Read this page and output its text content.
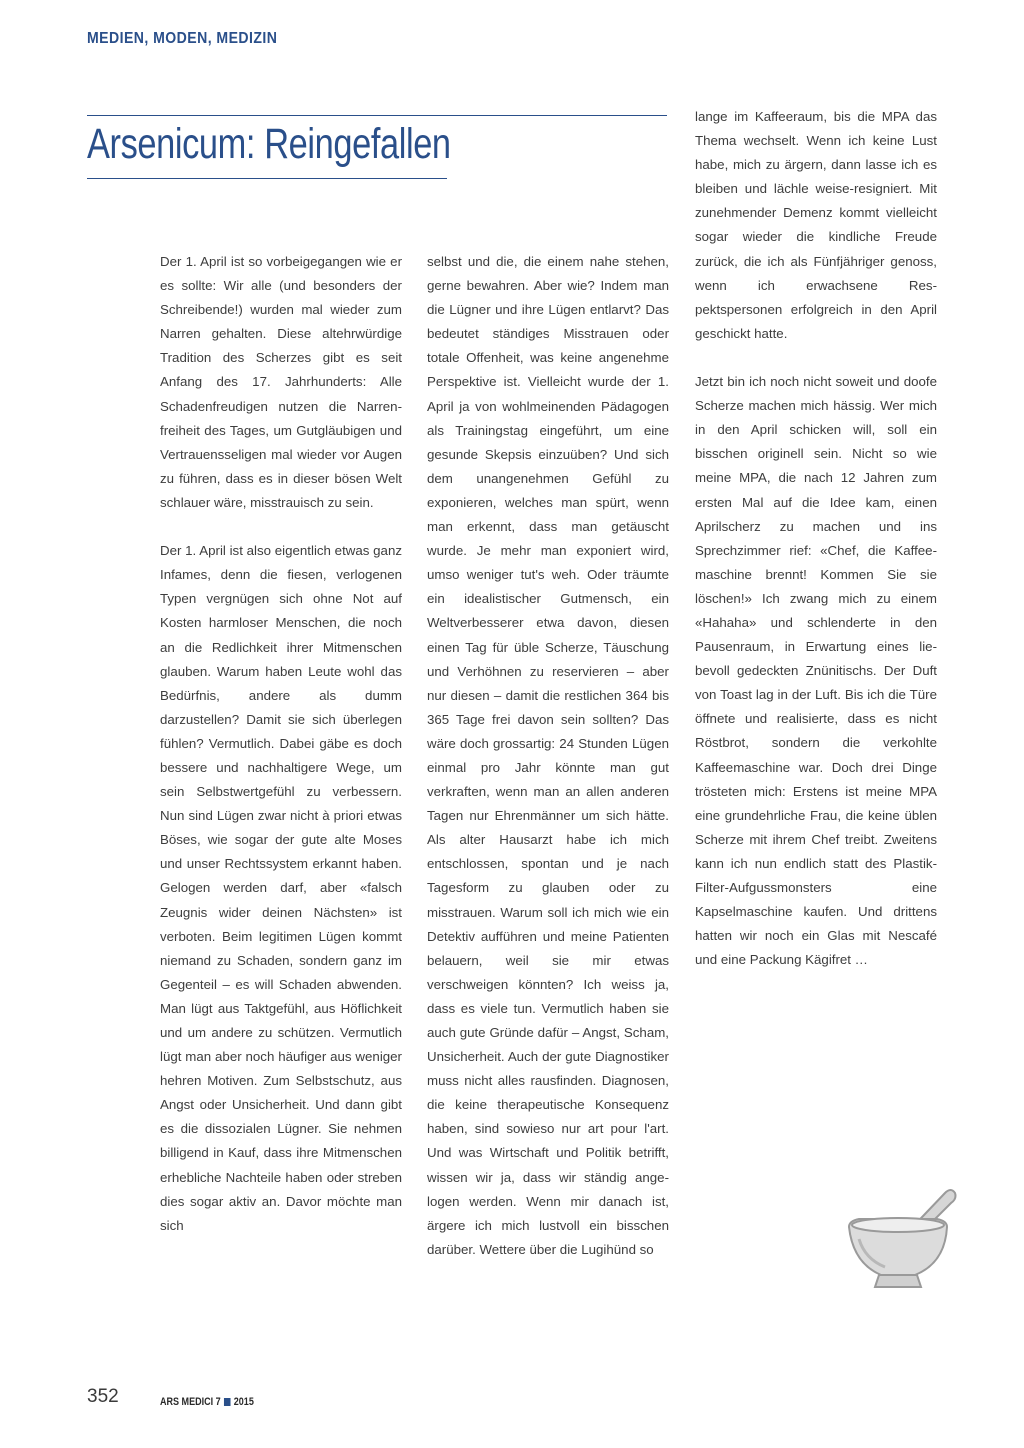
MEDIEN, MODEN, MEDIZIN
Arsenicum: Reingefallen

Der 1. April ist so vorbeigegangen wie er es sollte: Wir alle (und besonders der Schreibende!) wurden mal wieder zum Narren gehalten. Diese altehrwürdige Tradition des Scherzes gibt es seit Anfang des 17. Jahrhunderts: Alle Schadenfreudigen nutzen die Narrenfreiheit des Tages, um Gutgläubigen und Vertrauensseligen mal wieder vor Augen zu führen, dass es in dieser bösen Welt schlauer wäre, misstrauisch zu sein.

Der 1. April ist also eigentlich etwas ganz Infames, denn die fiesen, verlogenen Typen vergnügen sich ohne Not auf Kosten harmloser Menschen, die noch an die Redlichkeit ihrer Mitmenschen glauben. Warum haben Leute wohl das Bedürfnis, andere als dumm darzustellen? Damit sie sich überlegen fühlen? Vermutlich. Dabei gäbe es doch bessere und nachhaltigere Wege, um sein Selbstwertgefühl zu verbessern. Nun sind Lügen zwar nicht à priori etwas Böses, wie sogar der gute alte Moses und unser Rechtssystem erkannt haben. Gelogen werden darf, aber «falsch Zeugnis wider deinen Nächsten» ist verboten. Beim legitimen Lügen kommt niemand zu Schaden, sondern ganz im Gegenteil – es will Schaden abwenden. Man lügt aus Taktgefühl, aus Höflichkeit und um andere zu schützen. Vermutlich lügt man aber noch häufiger aus weniger hehren Motiven. Zum Selbstschutz, aus Angst oder Unsicherheit. Und dann gibt es die dissozialen Lügner. Sie nehmen billigend in Kauf, dass ihre Mitmenschen erhebliche Nachteile haben oder streben dies sogar aktiv an. Davor möchte man sich

selbst und die, die einem nahe stehen, gerne bewahren. Aber wie? Indem man die Lügner und ihre Lügen entlarvt? Das bedeutet ständiges Misstrauen oder totale Offenheit, was keine angenehme Perspektive ist. Vielleicht wurde der 1. April ja von wohlmeinenden Pädagogen als Trainingstag eingeführt, um eine gesunde Skepsis einzuüben? Und sich dem unangenehmen Gefühl zu exponieren, welches man spürt, wenn man erkennt, dass man getäuscht wurde. Je mehr man exponiert wird, umso weniger tut's weh. Oder träumte ein idealistischer Gutmensch, ein Weltverbesserer etwa davon, diesen einen Tag für üble Scherze, Täuschung und Verhöhnen zu reservieren – aber nur diesen – damit die restlichen 364 bis 365 Tage frei davon sein sollten? Das wäre doch grossartig: 24 Stunden Lügen einmal pro Jahr könnte man gut verkraften, wenn man an allen anderen Tagen nur Ehrenmänner um sich hätte. Als alter Hausarzt habe ich mich entschlossen, spontan und je nach Tagesform zu glauben oder zu misstrauen. Warum soll ich mich wie ein Detektiv aufführen und meine Patienten belauern, weil sie mir etwas verschweigen könnten? Ich weiss ja, dass es viele tun. Vermutlich haben sie auch gute Gründe dafür – Angst, Scham, Unsicherheit. Auch der gute Diagnostiker muss nicht alles rausfinden. Diagnosen, die keine therapeutische Konsequenz haben, sind sowieso nur art pour l'art. Und was Wirtschaft und Politik betrifft, wissen wir ja, dass wir ständig angelogen werden. Wenn mir danach ist, ärgere ich mich lustvoll ein bisschen darüber. Wettere über die Lugihünd so

lange im Kaffeeraum, bis die MPA das Thema wechselt. Wenn ich keine Lust habe, mich zu ärgern, dann lasse ich es bleiben und lächle weise-resigniert. Mit zunehmender Demenz kommt vielleicht sogar wieder die kindliche Freude zurück, die ich als Fünfjähriger genoss, wenn ich erwachsene Respektspersonen erfolgreich in den April geschickt hatte.

Jetzt bin ich noch nicht soweit und doofe Scherze machen mich hässig. Wer mich in den April schicken will, soll ein bisschen originell sein. Nicht so wie meine MPA, die nach 12 Jahren zum ersten Mal auf die Idee kam, einen Aprilscherz zu machen und ins Sprechzimmer rief: «Chef, die Kaffeemaschine brennt! Kommen Sie sie löschen!» Ich zwang mich zu einem «Hahaha» und schlenderte in den Pausenraum, in Erwartung eines liebevoll gedeckten Znünitischs. Der Duft von Toast lag in der Luft. Bis ich die Türe öffnete und realisierte, dass es nicht Röstbrot, sondern die verkohlte Kaffeemaschine war. Doch drei Dinge trösteten mich: Erstens ist meine MPA eine grundehrliche Frau, die keine üblen Scherze mit ihrem Chef treibt. Zweitens kann ich nun endlich statt des Plastik-Filter-Aufgussmonsters eine Kapselmaschine kaufen. Und drittens hatten wir noch ein Glas mit Nescafé und eine Packung Kägifret …

352	ARS MEDICI 7 2015
